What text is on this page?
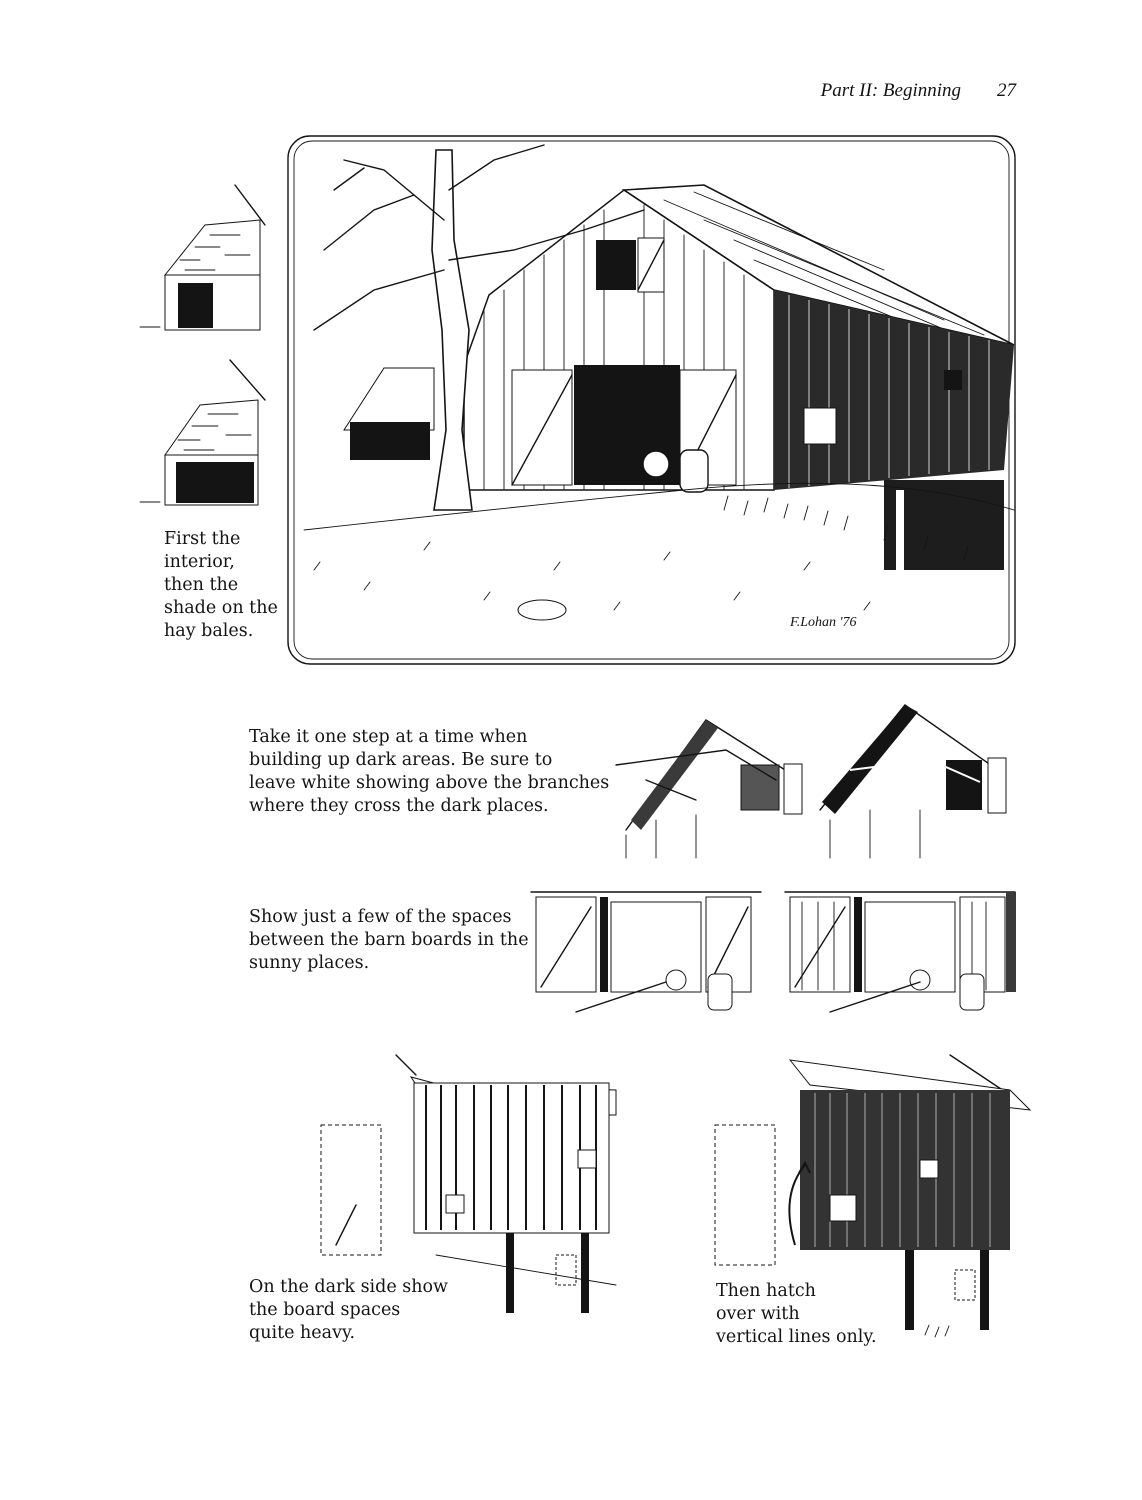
Part II: Beginning 27
F.Lohan '76
First the
interior,
then the
shade on the
hay bales.
Take it one step at a time when
building up dark areas. Be sure to
leave white showing above the branches
where they cross the dark places.
Show just a few of the spaces
between the barn boards in the
sunny places.
On the dark side show
the board spaces
quite heavy.
Then hatch
over with
vertical lines only.
